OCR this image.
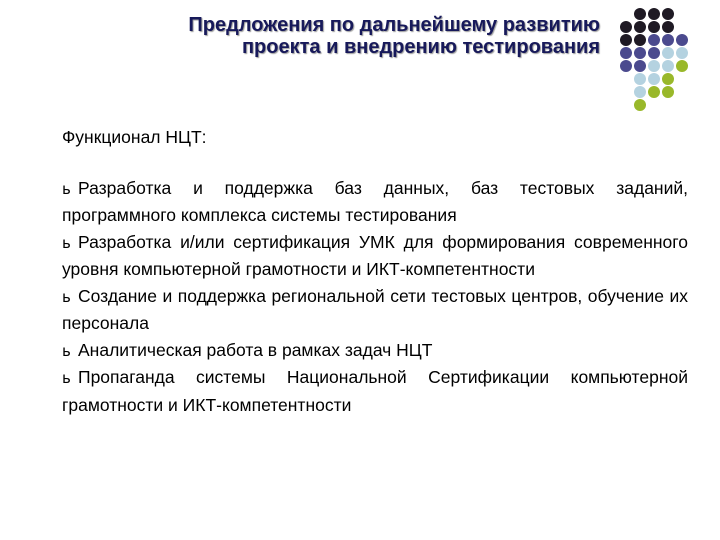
Предложения по дальнейшему развитию
проекта и внедрению тестирования
Функционал НЦТ:
ь Разработка и поддержка баз данных, баз тестовых заданий, программного комплекса системы тестирования
ь Разработка и/или сертификация УМК для формирования современного уровня компьютерной грамотности и ИКТ-компетентности
ь Создание и поддержка региональной сети тестовых центров, обучение их персонала
ь Аналитическая работа в рамках задач НЦТ
ь Пропаганда системы Национальной Сертификации компьютерной грамотности и ИКТ-компетентности
